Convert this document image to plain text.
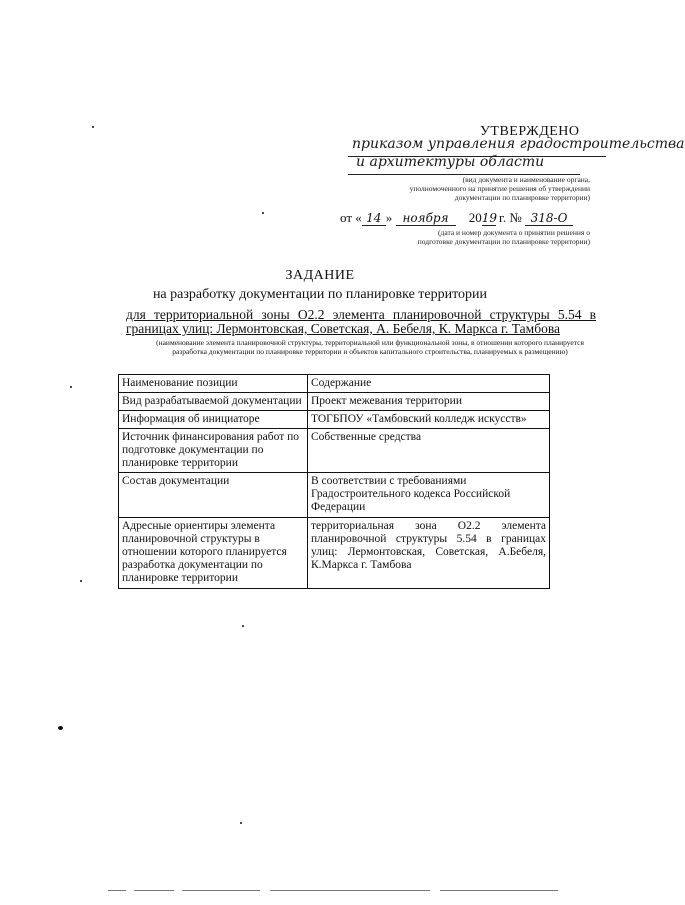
УТВЕРЖДЕНО
приказом управления градостроительства
и архитектуры области
(вид документа и наименование органа,
уполномоченного на принятие решения об утверждении
документации по планировке территории)
от « 14 » ноября 2019 г. № 318-О
(дата и номер документа о принятии решения о
подготовке документации по планировке территории)
ЗАДАНИЕ
на разработку документации по планировке территории
для территориальной зоны О2.2 элемента планировочной структуры 5.54 в границах улиц: Лермонтовская, Советская, А. Бебеля, К. Маркса г. Тамбова
(наименование элемента планировочной структуры, территориальной или функциональной зоны, в отношении которого планируется разработка документации по планировке территории и объектов капитального строительства, планируемых к размещению)
Наименование позиции	Содержание
Вид разрабатываемой документации	Проект межевания территории
Информация об инициаторе	ТОГБПОУ «Тамбовский колледж искусств»
Источник финансирования работ по подготовке документации по планировке территории	Собственные средства
Состав документации	В соответствии с требованиями Градостроительного кодекса Российской Федерации
Адресные ориентиры элемента планировочной структуры в отношении которого планируется разработка документации по планировке территории	территориальная зона О2.2 элемента планировочной структуры 5.54 в границах улиц: Лермонтовская, Советская, А.Бебеля, К.Маркса г. Тамбова
